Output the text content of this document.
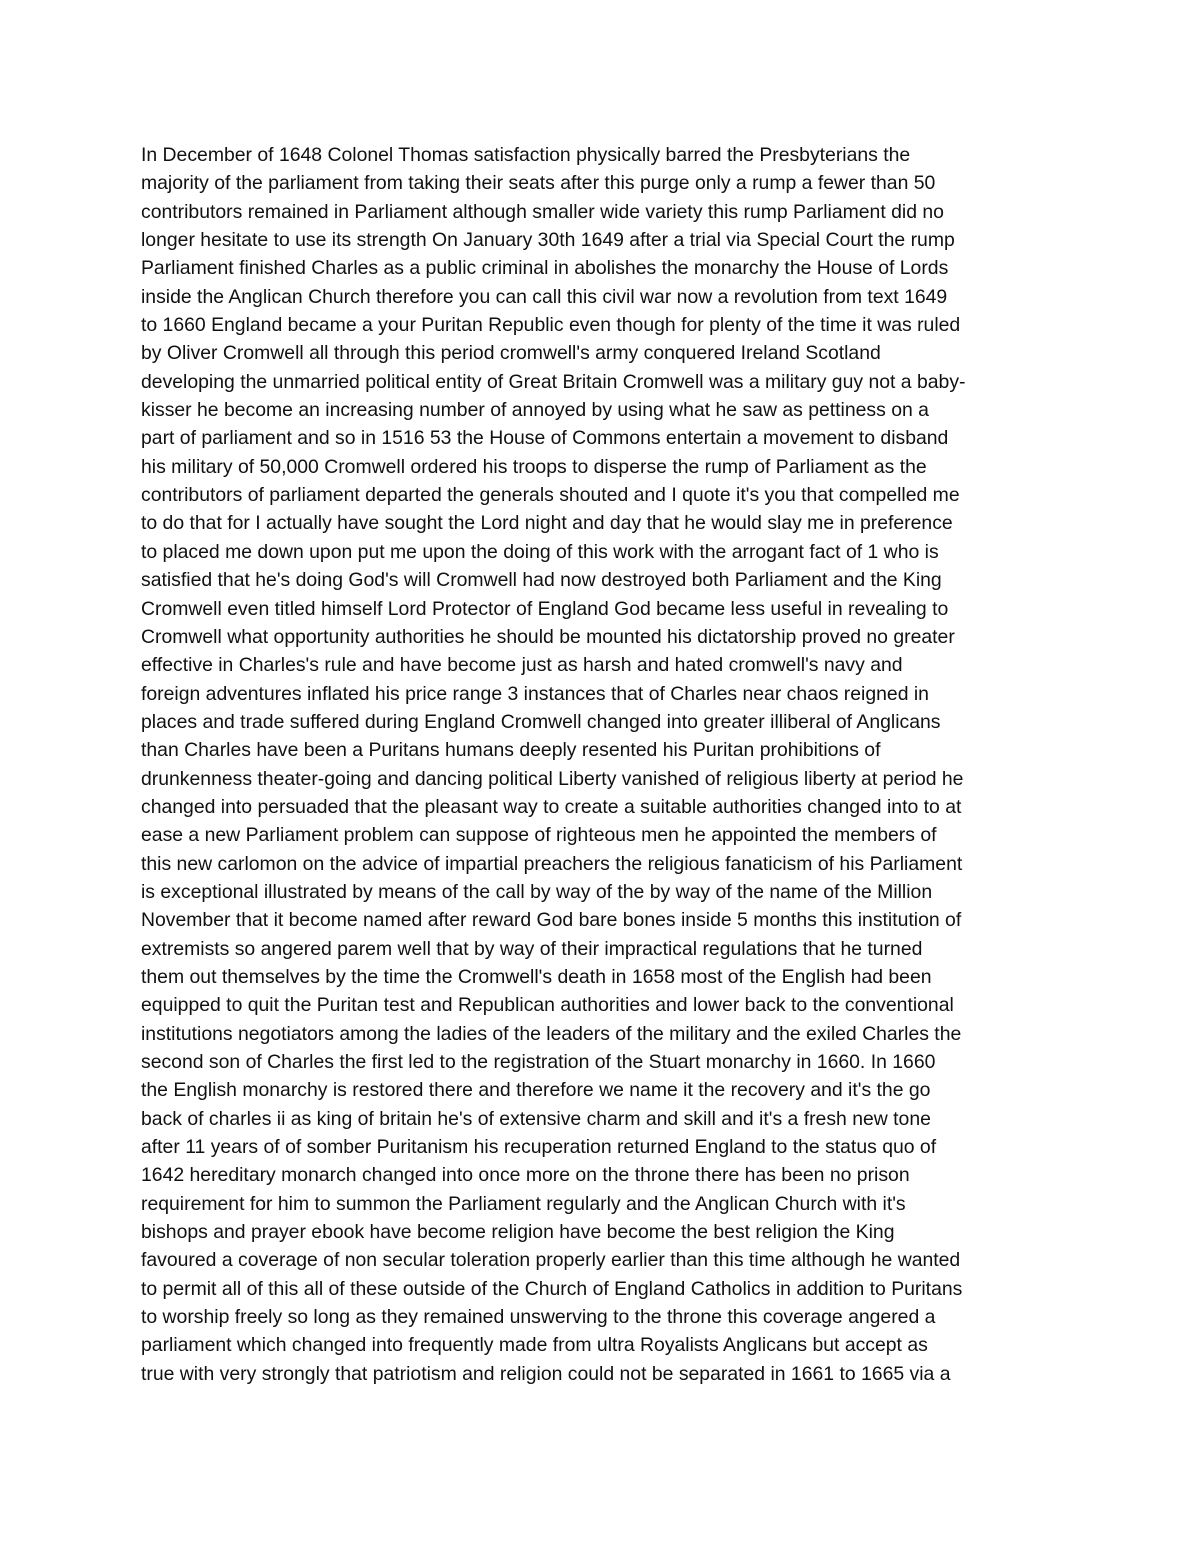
In December of 1648 Colonel Thomas satisfaction physically barred the Presbyterians the
majority of the parliament from taking their seats after this purge only a rump a fewer than 50
contributors remained in Parliament although smaller wide variety this rump Parliament did no
longer hesitate to use its strength On January 30th 1649 after a trial via Special Court the rump
Parliament finished Charles as a public criminal in abolishes the monarchy the House of Lords
inside the Anglican Church therefore you can call this civil war now a revolution from text 1649
to 1660 England became a your Puritan Republic even though for plenty of the time it was ruled
by Oliver Cromwell all through this period cromwell's army conquered Ireland Scotland
developing the unmarried political entity of Great Britain Cromwell was a military guy not a baby-
kisser he become an increasing number of annoyed by using what he saw as pettiness on a
part of parliament and so in 1516 53 the House of Commons entertain a movement to disband
his military of 50,000 Cromwell ordered his troops to disperse the rump of Parliament as the
contributors of parliament departed the generals shouted and I quote it's you that compelled me
to do that for I actually have sought the Lord night and day that he would slay me in preference
to placed me down upon put me upon the doing of this work with the arrogant fact of 1 who is
satisfied that he's doing God's will Cromwell had now destroyed both Parliament and the King
Cromwell even titled himself Lord Protector of England God became less useful in revealing to
Cromwell what opportunity authorities he should be mounted his dictatorship proved no greater
effective in Charles's rule and have become just as harsh and hated cromwell's navy and
foreign adventures inflated his price range 3 instances that of Charles near chaos reigned in
places and trade suffered during England Cromwell changed into greater illiberal of Anglicans
than Charles have been a Puritans humans deeply resented his Puritan prohibitions of
drunkenness theater-going and dancing political Liberty vanished of religious liberty at period he
changed into persuaded that the pleasant way to create a suitable authorities changed into to at
ease a new Parliament problem can suppose of righteous men he appointed the members of
this new carlomon on the advice of impartial preachers the religious fanaticism of his Parliament
is exceptional illustrated by means of the call by way of the by way of the name of the Million
November that it become named after reward God bare bones inside 5 months this institution of
extremists so angered parem well that by way of their impractical regulations that he turned
them out themselves by the time the Cromwell's death in 1658 most of the English had been
equipped to quit the Puritan test and Republican authorities and lower back to the conventional
institutions negotiators among the ladies of the leaders of the military and the exiled Charles the
second son of Charles the first led to the registration of the Stuart monarchy in 1660. In 1660
the English monarchy is restored there and therefore we name it the recovery and it's the go
back of charles ii as king of britain he's of extensive charm and skill and it's a fresh new tone
after 11 years of of somber Puritanism his recuperation returned England to the status quo of
1642 hereditary monarch changed into once more on the throne there has been no prison
requirement for him to summon the Parliament regularly and the Anglican Church with it's
bishops and prayer ebook have become religion have become the best religion the King
favoured a coverage of non secular toleration properly earlier than this time although he wanted
to permit all of this all of these outside of the Church of England Catholics in addition to Puritans
to worship freely so long as they remained unswerving to the throne this coverage angered a
parliament which changed into frequently made from ultra Royalists Anglicans but accept as
true with very strongly that patriotism and religion could not be separated in 1661 to 1665 via a
